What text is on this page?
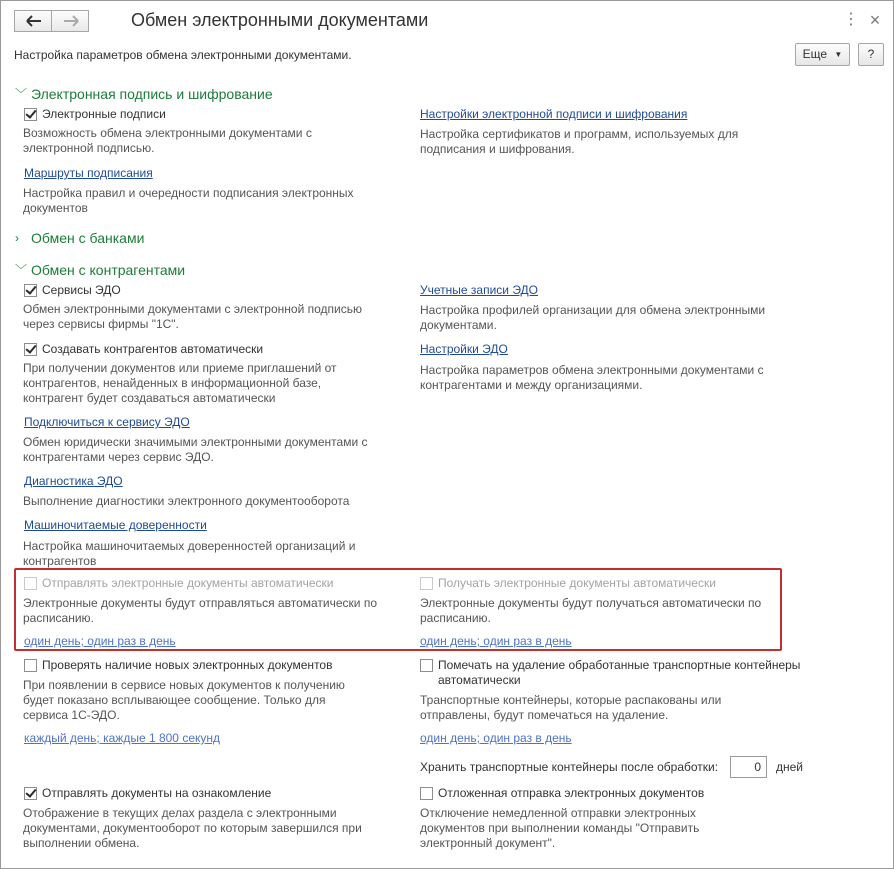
Обмен электронными документами	⋮ ×
Настройка параметров обмена электронными документами.	Еще ▼	?
﹀ Электронная подпись и шифрование
Электронные подписи
Возможность обмена электронными документами с электронной подписью.
Маршруты подписания
Настройка правил и очередности подписания электронных документов
Настройки электронной подписи и шифрования
Настройка сертификатов и программ, используемых для подписания и шифрования.
› Обмен с банками
﹀ Обмен с контрагентами
Сервисы ЭДО
Обмен электронными документами с электронной подписью через сервисы фирмы "1С".
Создавать контрагентов автоматически
При получении документов или приеме приглашений от контрагентов, ненайденных в информационной базе, контрагент будет создаваться автоматически
Подключиться к сервису ЭДО
Обмен юридически значимыми электронными документами с контрагентами через сервис ЭДО.
Диагностика ЭДО
Выполнение диагностики электронного документооборота
Машиночитаемые доверенности
Настройка машиночитаемых доверенностей организаций и контрагентов
Учетные записи ЭДО
Настройка профилей организации для обмена электронными документами.
Настройки ЭДО
Настройка параметров обмена электронными документами с контрагентами и между организациями.
Отправлять электронные документы автоматически
Электронные документы будут отправляться автоматически по расписанию.
один день; один раз в день
Получать электронные документы автоматически
Электронные документы будут получаться автоматически по расписанию.
один день; один раз в день
Проверять наличие новых электронных документов
При появлении в сервисе новых документов к получению будет показано всплывающее сообщение. Только для сервиса 1С-ЭДО.
каждый день; каждые 1 800 секунд
Помечать на удаление обработанные транспортные контейнеры автоматически
Транспортные контейнеры, которые распакованы или отправлены, будут помечаться на удаление.
один день; один раз в день
Хранить транспортные контейнеры после обработки:	0	дней
Отправлять документы на ознакомление
Отображение в текущих делах раздела с электронными документами, документооборот по которым завершился при выполнении обмена.
Отложенная отправка электронных документов
Отключение немедленной отправки электронных документов при выполнении команды "Отправить электронный документ".
